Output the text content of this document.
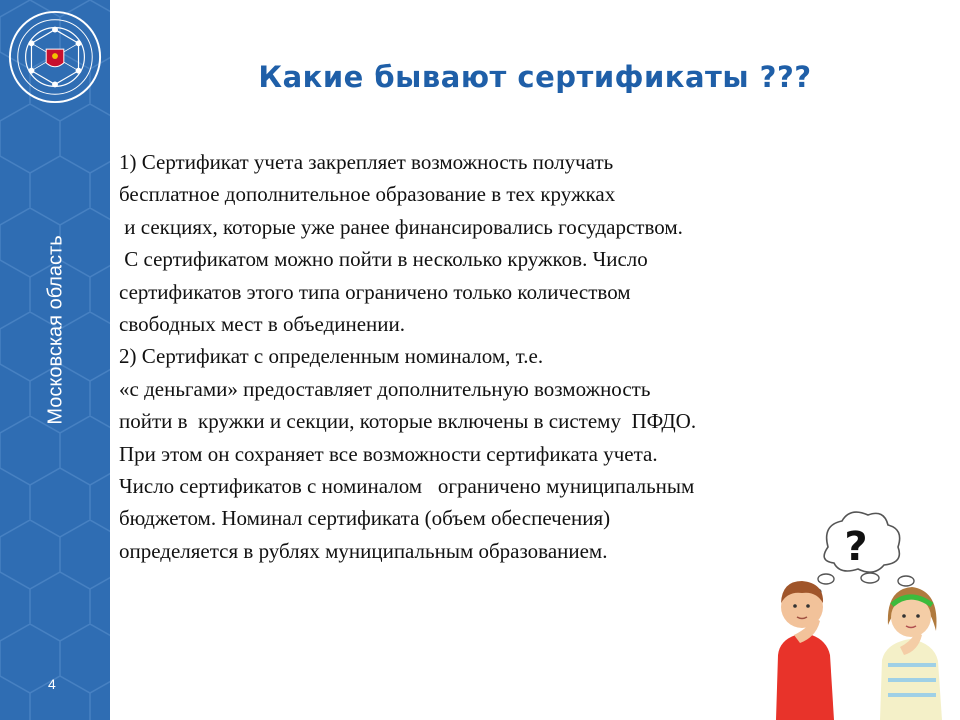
Московская область
4
Какие бывают сертификаты ???
1) Сертификат учета закрепляет возможность получать
бесплатное дополнительное образование в тех кружках
и секциях, которые уже ранее финансировались государством.
С сертификатом можно пойти в несколько кружков. Число
сертификатов этого типа ограничено только количеством
свободных мест в объединении.
2) Сертификат с определенным номиналом, т.е.
«с деньгами» предоставляет дополнительную возможность
пойти в  кружки и секции, которые включены в систему  ПФДО.
При этом он сохраняет все возможности сертификата учета.
Число сертификатов с номиналом   ограничено муниципальным
бюджетом. Номинал сертификата (объем обеспечения)
определяется в рублях муниципальным образованием.	?
